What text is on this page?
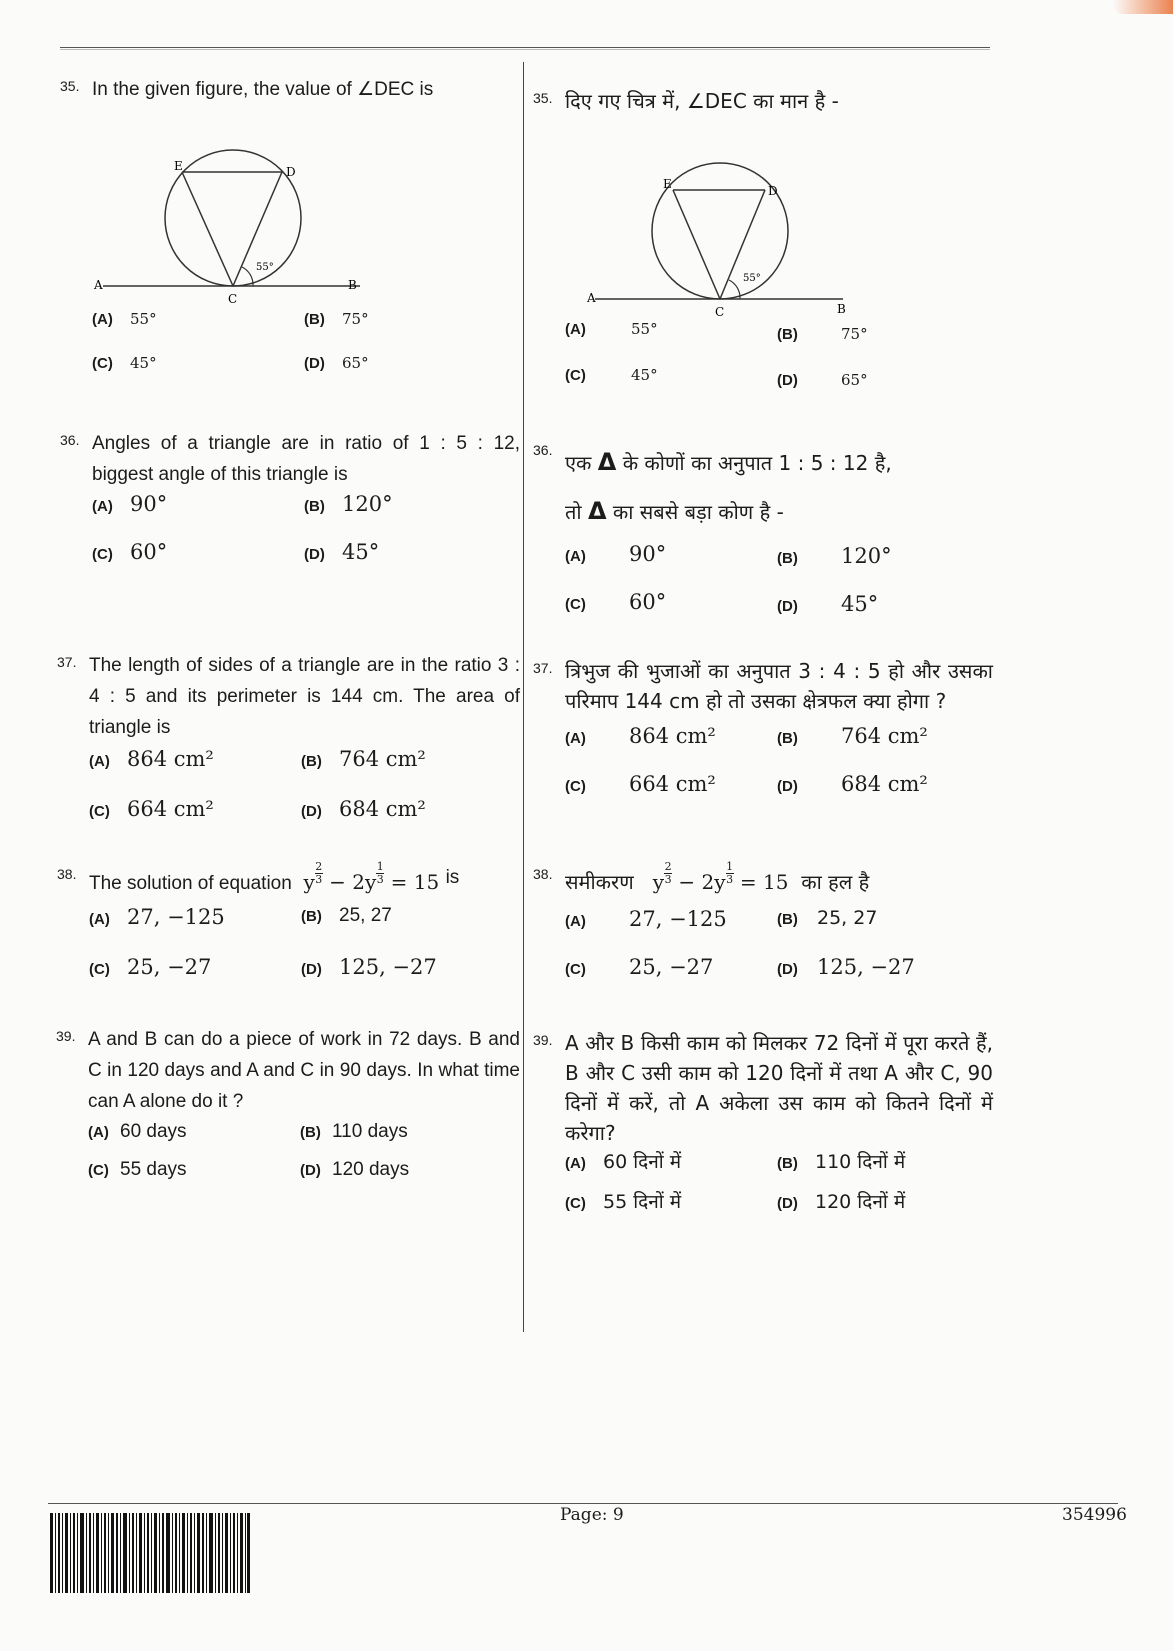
35. In the given figure, the value of ∠DEC is
E	D
A	B
C
55°
(A) 55°	(B) 75°
(C) 45°	(D) 65°
36. Angles of a triangle are in ratio of 1 : 5 : 12, biggest angle of this triangle is
(A) 90°	(B) 120°
(C) 60°	(D) 45°
37. The length of sides of a triangle are in the ratio 3 : 4 : 5 and its perimeter is 144 cm. The area of triangle is
(A) 864 cm²	(B) 764 cm²
(C) 664 cm²	(D) 684 cm²
38. The solution of equation y $\frac{2}{3} - 2y \frac{1}{3} = 15$ is
(A) 27, −125	(B) 25, 27
(C) 25, −27	(D) 125, −27
39. A and B can do a piece of work in 72 days. B and C in 120 days and A and C in 90 days. In what time can A alone do it ?
(A) 60 days	(B) 110 days
(C) 55 days	(D) 120 days
35. दिए गए चित्र में, ∠DEC का मान है -
E	D
A
B
C
55°
(A)	55°	(B)	75°
(C)	45°	(D)	65°
36.
एक Δ के कोणों का अनुपात 1 : 5 : 12 है,
तो Δ का सबसे बड़ा कोण है -
(A) 90°	(B) 120°
(C) 60°	(D) 45°
37. त्रिभुज की भुजाओं का अनुपात 3 : 4 : 5 हो और उसका परिमाप 144 cm हो तो उसका क्षेत्रफल क्या होगा ?
(A) 864 cm²	(B) 764 cm²
(C) 664 cm²	(D) 684 cm²
38. समीकरण y $\frac{2}{3} - 2y \frac{1}{3} = 15$ का हल है
(A) 27, −125	(B) 25, 27
(C) 25, −27	(D) 125, −27
39. A और B किसी काम को मिलकर 72 दिनों में पूरा करते हैं, B और C उसी काम को 120 दिनों में तथा A और C, 90 दिनों में करें, तो A अकेला उस काम को कितने दिनों में करेगा?
(A) 60 दिनों में	(B) 110 दिनों में
(C) 55 दिनों में	(D) 120 दिनों में
Page: 9	354996
